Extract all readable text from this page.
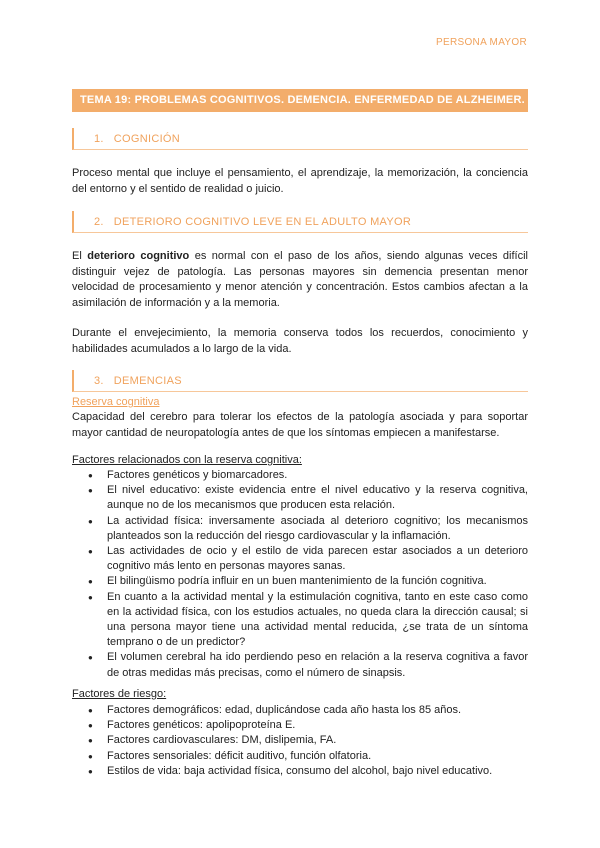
PERSONA MAYOR
TEMA 19: PROBLEMAS COGNITIVOS. DEMENCIA. ENFERMEDAD DE ALZHEIMER.
1. COGNICIÓN

Proceso mental que incluye el pensamiento, el aprendizaje, la memorización, la conciencia del entorno y el sentido de realidad o juicio.

2. DETERIORO COGNITIVO LEVE EN EL ADULTO MAYOR

El deterioro cognitivo es normal con el paso de los años, siendo algunas veces difícil distinguir vejez de patología. Las personas mayores sin demencia presentan menor velocidad de procesamiento y menor atención y concentración. Estos cambios afectan a la asimilación de información y a la memoria.

Durante el envejecimiento, la memoria conserva todos los recuerdos, conocimiento y habilidades acumulados a lo largo de la vida.

3. DEMENCIAS
Reserva cognitiva

Capacidad del cerebro para tolerar los efectos de la patología asociada y para soportar mayor cantidad de neuropatología antes de que los síntomas empiecen a manifestarse.

Factores relacionados con la reserva cognitiva:
● Factores genéticos y biomarcadores.
● El nivel educativo: existe evidencia entre el nivel educativo y la reserva cognitiva, aunque no de los mecanismos que producen esta relación.
● La actividad física: inversamente asociada al deterioro cognitivo; los mecanismos planteados son la reducción del riesgo cardiovascular y la inflamación.
● Las actividades de ocio y el estilo de vida parecen estar asociados a un deterioro cognitivo más lento en personas mayores sanas.
● El bilingüismo podría influir en un buen mantenimiento de la función cognitiva.
● En cuanto a la actividad mental y la estimulación cognitiva, tanto en este caso como en la actividad física, con los estudios actuales, no queda clara la dirección causal; si una persona mayor tiene una actividad mental reducida, ¿se trata de un síntoma temprano o de un predictor?
● El volumen cerebral ha ido perdiendo peso en relación a la reserva cognitiva a favor de otras medidas más precisas, como el número de sinapsis.
Factores de riesgo:
● Factores demográficos: edad, duplicándose cada año hasta los 85 años.
● Factores genéticos: apolipoproteína E.
● Factores cardiovasculares: DM, dislipemia, FA.
● Factores sensoriales: déficit auditivo, función olfatoria.
● Estilos de vida: baja actividad física, consumo del alcohol, bajo nivel educativo.
